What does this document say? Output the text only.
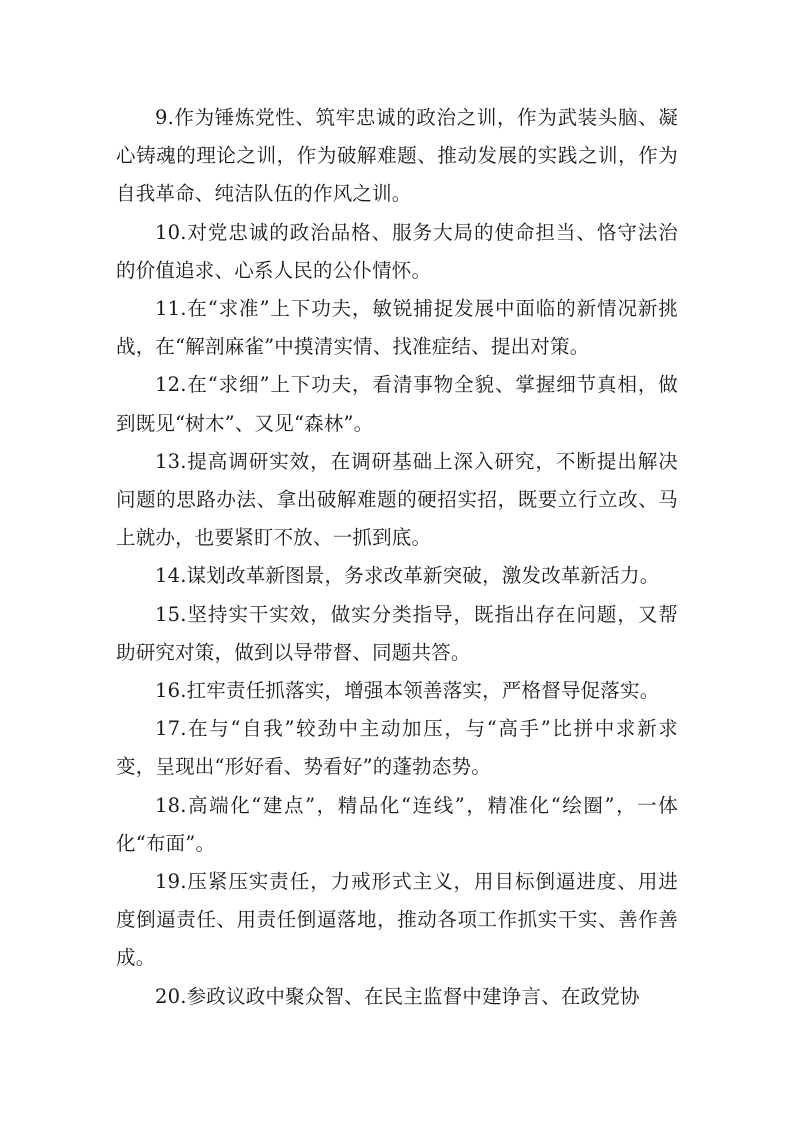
9.作为锤炼党性、筑牢忠诚的政治之训，作为武装头脑、凝心铸魂的理论之训，作为破解难题、推动发展的实践之训，作为自我革命、纯洁队伍的作风之训。

10.对党忠诚的政治品格、服务大局的使命担当、恪守法治的价值追求、心系人民的公仆情怀。

11.在“求准”上下功夫，敏锐捕捉发展中面临的新情况新挑战，在“解剖麻雀”中摸清实情、找准症结、提出对策。

12.在“求细”上下功夫，看清事物全貌、掌握细节真相，做到既见“树木”、又见“森林”。

13.提高调研实效，在调研基础上深入研究，不断提出解决问题的思路办法、拿出破解难题的硬招实招，既要立行立改、马上就办，也要紧盯不放、一抓到底。

14.谋划改革新图景，务求改革新突破，激发改革新活力。

15.坚持实干实效，做实分类指导，既指出存在问题，又帮助研究对策，做到以导带督、同题共答。

16.扛牢责任抓落实，增强本领善落实，严格督导促落实。

17.在与“自我”较劲中主动加压，与“高手”比拼中求新求变，呈现出“形好看、势看好”的蓬勃态势。

18.高端化“建点”，精品化“连线”，精准化“绘圈”，一体化“布面”。

19.压紧压实责任，力戒形式主义，用目标倒逼进度、用进度倒逼责任、用责任倒逼落地，推动各项工作抓实干实、善作善成。

20.参政议政中聚众智、在民主监督中建诤言、在政党协
